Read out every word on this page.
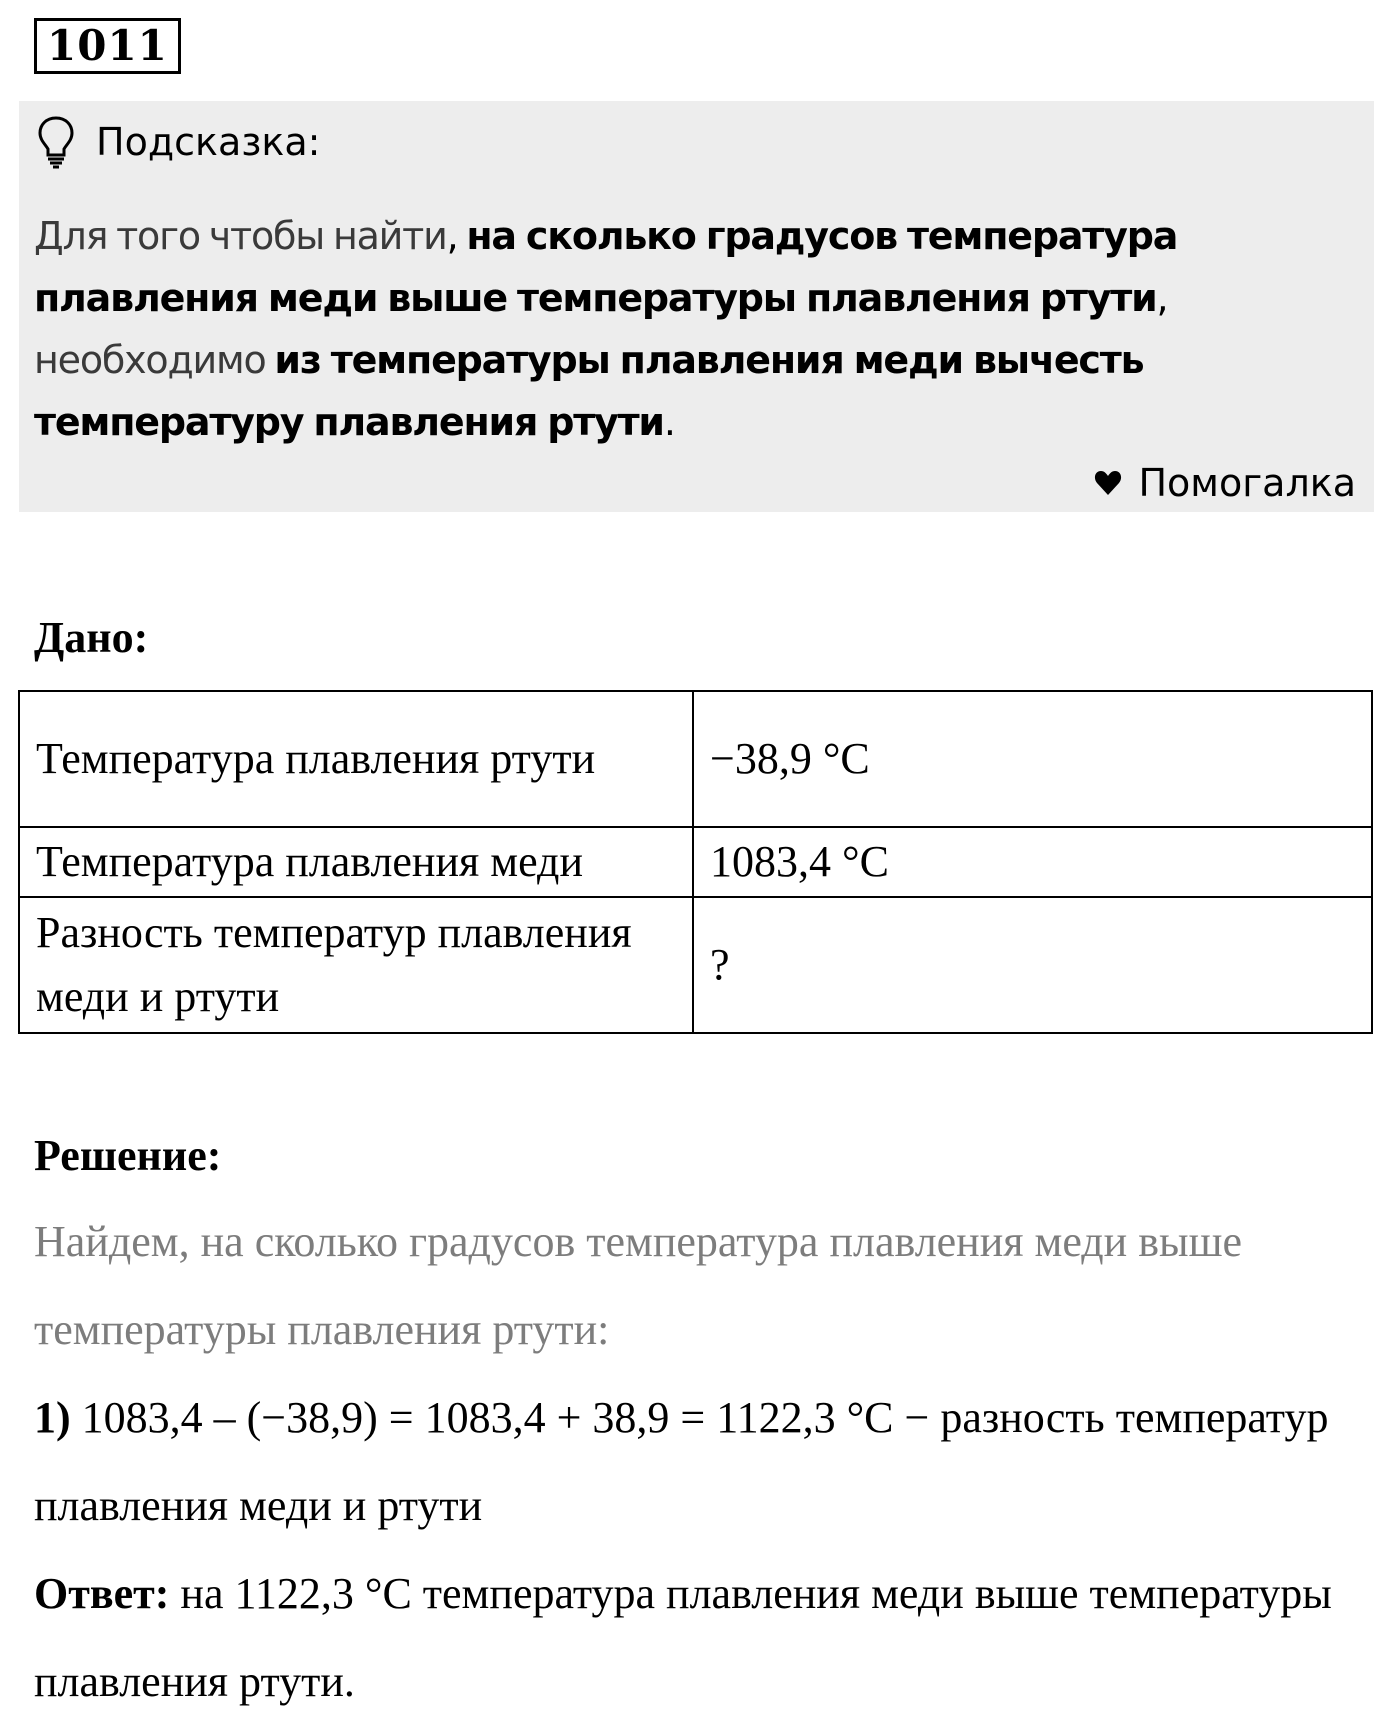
1011
Подсказка:
Для того чтобы найти, на сколько градусов температура плавления меди выше температуры плавления ртути, необходимо из температуры плавления меди вычесть температуру плавления ртути.
Помогалка
Дано:
Температура плавления ртути	−38,9 °С
Температура плавления меди	1083,4 °С
Разность температур плавления меди и ртути	?
Решение:
Найдем, на сколько градусов температура плавления меди выше температуры плавления ртути:
1) 1083,4 – (−38,9) = 1083,4 + 38,9 = 1122,3 °С − разность температур плавления меди и ртути
Ответ: на 1122,3 °С температура плавления меди выше температуры плавления ртути.
